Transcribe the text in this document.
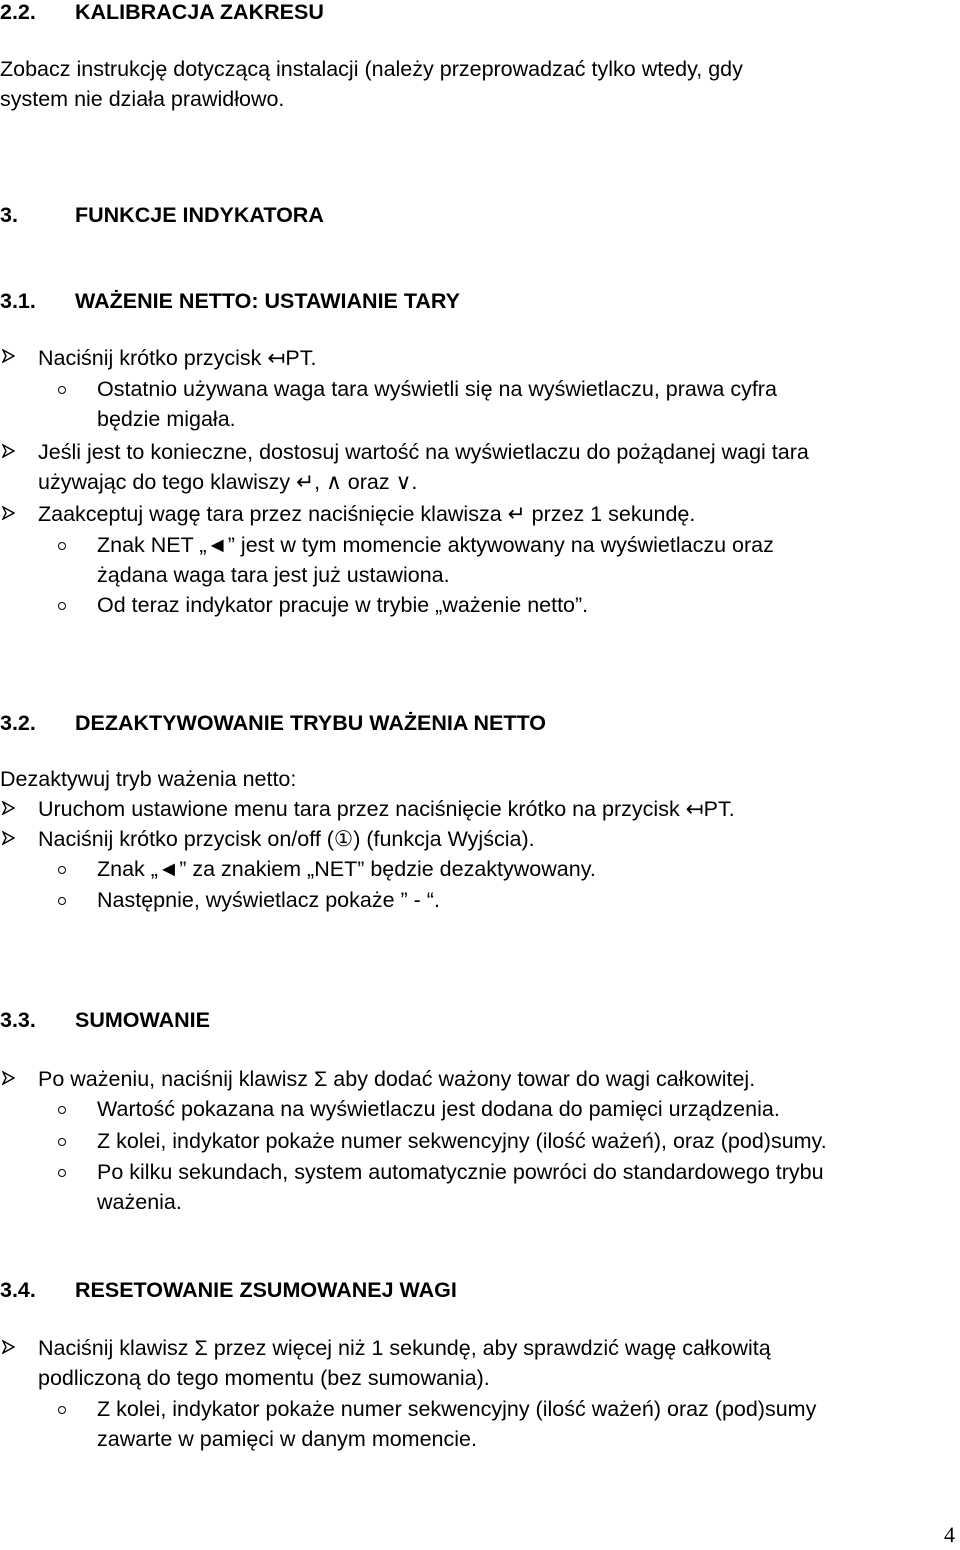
2.2. KALIBRACJA ZAKRESU
Zobacz instrukcję dotyczącą instalacji (należy przeprowadzać tylko wtedy, gdy
system nie działa prawidłowo.
3.	FUNKCJE INDYKATORA
3.1. WAŻENIE NETTO: USTAWIANIE TARY
Naciśnij krótko przycisk ↤PT.
Ostatnio używana waga tara wyświetli się na wyświetlaczu, prawa cyfra
będzie migała.
Jeśli jest to konieczne, dostosuj wartość na wyświetlaczu do pożądanej wagi tara
używając do tego klawiszy ↵, ∧ oraz ∨.
Zaakceptuj wagę tara przez naciśnięcie klawisza ↵ przez 1 sekundę.
Znak NET „◄” jest w tym momencie aktywowany na wyświetlaczu oraz
żądana waga tara jest już ustawiona.
Od teraz indykator pracuje w trybie „ważenie netto”.
3.2. DEZAKTYWOWANIE TRYBU WAŻENIA NETTO
Dezaktywuj tryb ważenia netto:
Uruchom ustawione menu tara przez naciśnięcie krótko na przycisk ↤PT.
Naciśnij krótko przycisk on/off (①) (funkcja Wyjścia).
Znak „◄” za znakiem „NET” będzie dezaktywowany.
Następnie, wyświetlacz pokaże ” - “.
3.3. SUMOWANIE
Po ważeniu, naciśnij klawisz Σ aby dodać ważony towar do wagi całkowitej.
Wartość pokazana na wyświetlaczu jest dodana do pamięci urządzenia.
Z kolei, indykator pokaże numer sekwencyjny (ilość ważeń), oraz (pod)sumy.
Po kilku sekundach, system automatycznie powróci do standardowego trybu
ważenia.
3.4. RESETOWANIE ZSUMOWANEJ WAGI
Naciśnij klawisz Σ przez więcej niż 1 sekundę, aby sprawdzić wagę całkowitą
podliczoną do tego momentu (bez sumowania).
Z kolei, indykator pokaże numer sekwencyjny (ilość ważeń) oraz (pod)sumy
zawarte w pamięci w danym momencie.
4
